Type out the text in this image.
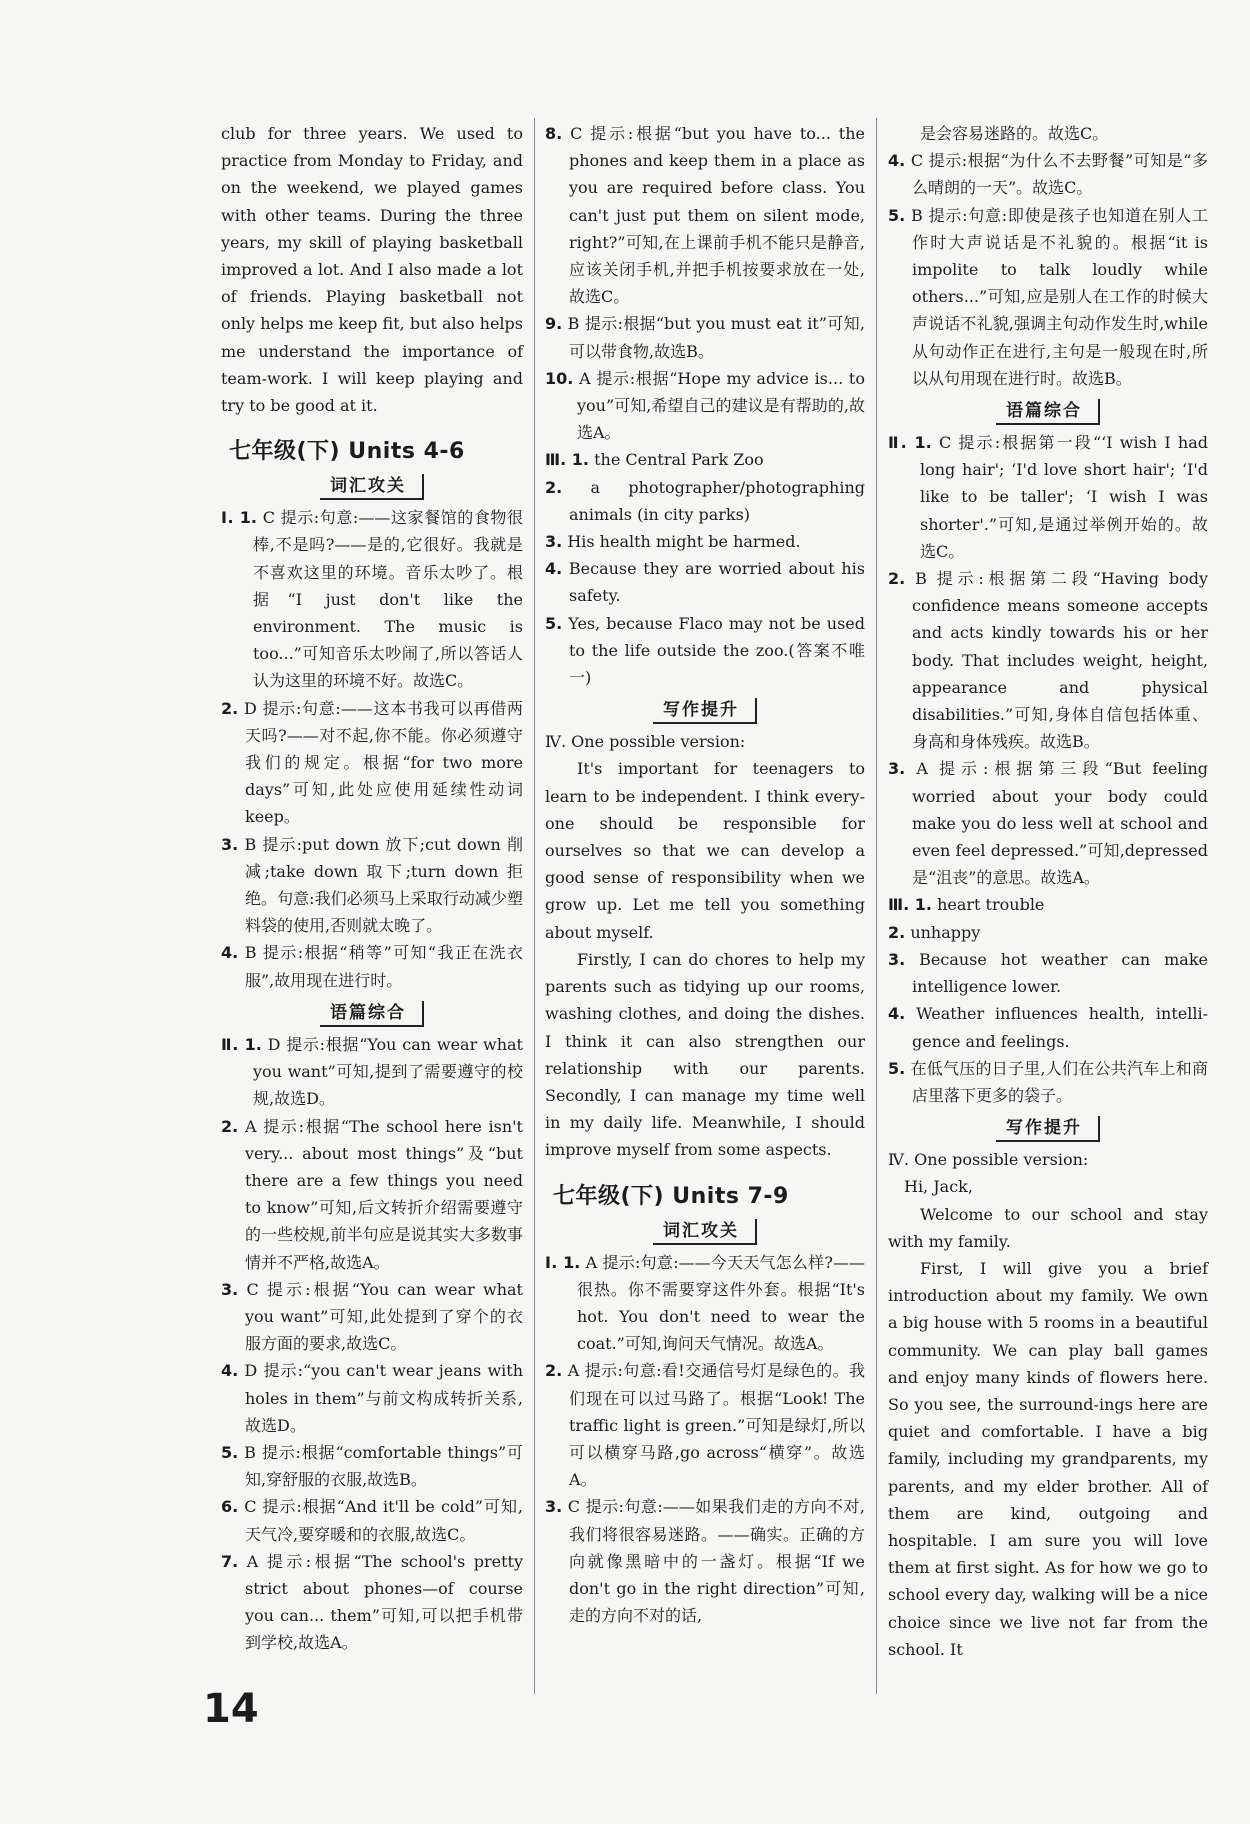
club for three years. We used to practice from Monday to Friday, and on the weekend, we played games with other teams. During the three years, my skill of playing basketball improved a lot. And I also made a lot of friends. Playing basketball not only helps me keep fit, but also helps me understand the importance of team-work. I will keep playing and try to be good at it.

七年级(下) Units 4-6
词汇攻关

Ⅰ. 1. C 提示:句意:——这家餐馆的食物很棒,不是吗?——是的,它很好。我就是不喜欢这里的环境。音乐太吵了。根据“I just don't like the environment. The music is too...”可知音乐太吵闹了,所以答话人认为这里的环境不好。故选C。

2. D 提示:句意:——这本书我可以再借两天吗?——对不起,你不能。你必须遵守我们的规定。根据“for two more days”可知,此处应使用延续性动词keep。

3. B 提示:put down 放下;cut down 削减;take down 取下;turn down 拒绝。句意:我们必须马上采取行动减少塑料袋的使用,否则就太晚了。

4. B 提示:根据“稍等”可知“我正在洗衣服”,故用现在进行时。

语篇综合

Ⅱ. 1. D 提示:根据“You can wear what you want”可知,提到了需要遵守的校规,故选D。

2. A 提示:根据“The school here isn't very... about most things”及“but there are a few things you need to know”可知,后文转折介绍需要遵守的一些校规,前半句应是说其实大多数事情并不严格,故选A。

3. C 提示:根据“You can wear what you want”可知,此处提到了穿个的衣服方面的要求,故选C。

4. D 提示:“you can't wear jeans with holes in them”与前文构成转折关系,故选D。

5. B 提示:根据“comfortable things”可知,穿舒服的衣服,故选B。

6. C 提示:根据“And it'll be cold”可知,天气冷,要穿暖和的衣服,故选C。

7. A 提示:根据“The school's pretty strict about phones—of course you can... them”可知,可以把手机带到学校,故选A。

8. C 提示:根据“but you have to... the phones and keep them in a place as you are required before class. You can't just put them on silent mode, right?”可知,在上课前手机不能只是静音,应该关闭手机,并把手机按要求放在一处,故选C。

9. B 提示:根据“but you must eat it”可知,可以带食物,故选B。

10. A 提示:根据“Hope my advice is... to you”可知,希望自己的建议是有帮助的,故选A。

Ⅲ. 1. the Central Park Zoo

2. a photographer/photographing animals (in city parks)

3. His health might be harmed.

4. Because they are worried about his safety.

5. Yes, because Flaco may not be used to the life outside the zoo.(答案不唯一)

写作提升

Ⅳ. One possible version:

It's important for teenagers to learn to be independent. I think every-one should be responsible for ourselves so that we can develop a good sense of responsibility when we grow up. Let me tell you something about myself.

Firstly, I can do chores to help my parents such as tidying up our rooms, washing clothes, and doing the dishes. I think it can also strengthen our relationship with our parents. Secondly, I can manage my time well in my daily life. Meanwhile, I should improve myself from some aspects.

七年级(下) Units 7-9
词汇攻关

Ⅰ. 1. A 提示:句意:——今天天气怎么样?——很热。你不需要穿这件外套。根据“It's hot. You don't need to wear the coat.”可知,询问天气情况。故选A。

2. A 提示:句意:看!交通信号灯是绿色的。我们现在可以过马路了。根据“Look! The traffic light is green.”可知是绿灯,所以可以横穿马路,go across“横穿”。故选A。

3. C 提示:句意:——如果我们走的方向不对,我们将很容易迷路。——确实。正确的方向就像黑暗中的一盏灯。根据“If we don't go in the right direction”可知,走的方向不对的话,

是会容易迷路的。故选C。

4. C 提示:根据“为什么不去野餐”可知是“多么晴朗的一天”。故选C。

5. B 提示:句意:即使是孩子也知道在别人工作时大声说话是不礼貌的。根据“it is impolite to talk loudly while others...”可知,应是别人在工作的时候大声说话不礼貌,强调主句动作发生时,while 从句动作正在进行,主句是一般现在时,所以从句用现在进行时。故选B。

语篇综合

Ⅱ. 1. C 提示:根据第一段“‘I wish I had long hair'; ‘I'd love short hair'; ‘I'd like to be taller'; ‘I wish I was shorter'.”可知,是通过举例开始的。故选C。

2. B 提示:根据第二段“Having body confidence means someone accepts and acts kindly towards his or her body. That includes weight, height, appearance and physical disabilities.”可知,身体自信包括体重、身高和身体残疾。故选B。

3. A 提示:根据第三段“But feeling worried about your body could make you do less well at school and even feel depressed.”可知,depressed是“沮丧”的意思。故选A。

Ⅲ. 1. heart trouble

2. unhappy

3. Because hot weather can make intelligence lower.

4. Weather influences health, intelli-gence and feelings.

5. 在低气压的日子里,人们在公共汽车上和商店里落下更多的袋子。

写作提升

Ⅳ. One possible version:

Hi, Jack,

Welcome to our school and stay with my family.

First, I will give you a brief introduction about my family. We own a big house with 5 rooms in a beautiful community. We can play ball games and enjoy many kinds of flowers here. So you see, the surround-ings here are quiet and comfortable. I have a big family, including my grandparents, my parents, and my elder brother. All of them are kind, outgoing and hospitable. I am sure you will love them at first sight. As for how we go to school every day, walking will be a nice choice since we live not far from the school. It

14
